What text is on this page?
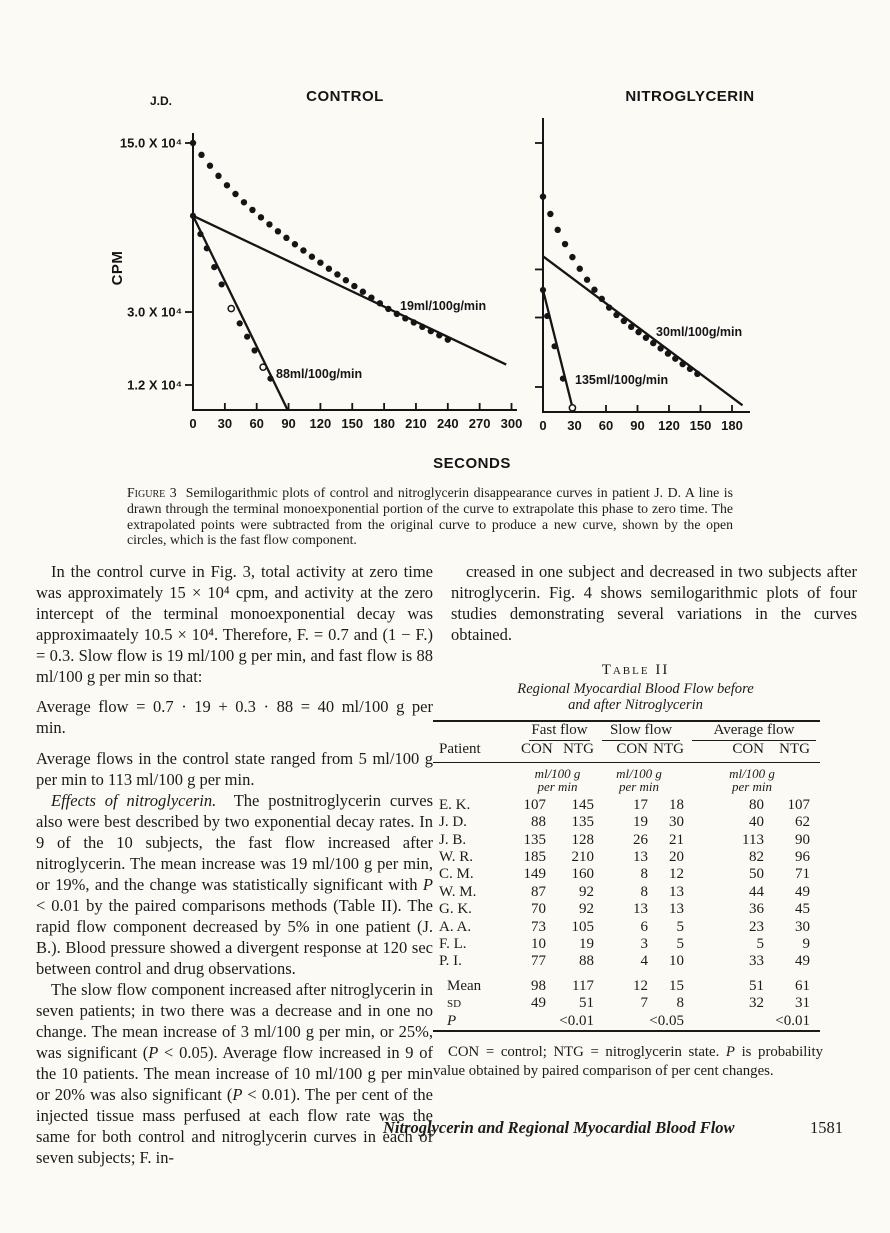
J.D.	CONTROL	NITROGLYCERIN
CPM
SECONDS
0 30 60 90 120 150 180 210 240 270 300
15.0 X 10⁴
3.0 X 10⁴
1.2 X 10⁴
0 30 60 90 120 150 180
19ml/100g/min
88ml/100g/min
30ml/100g/min
135ml/100g/min
Figure 3  Semilogarithmic plots of control and nitroglycerin disappearance curves in patient J. D. A line is drawn through the terminal monoexponential portion of the curve to extrapolate this phase to zero time. The extrapolated points were subtracted from the original curve to produce a new curve, shown by the open circles, which is the fast flow component.

In the control curve in Fig. 3, total activity at zero time was approximately 15 × 10⁴ cpm, and activity at the zero intercept of the terminal monoexponential decay was approximaately 10.5 × 10⁴. Therefore, F. = 0.7 and (1 − F.) = 0.3. Slow flow is 19 ml/100 g per min, and fast flow is 88 ml/100 g per min so that:

Average flow = 0.7 · 19 + 0.3 · 88 = 40 ml/100 g per min.

Average flows in the control state ranged from 5 ml/100 g per min to 113 ml/100 g per min.

Effects of nitroglycerin.  The postnitroglycerin curves also were best described by two exponential decay rates. In 9 of the 10 subjects, the fast flow increased after nitroglycerin. The mean increase was 19 ml/100 g per min, or 19%, and the change was statistically significant with P < 0.01 by the paired comparisons methods (Table II). The rapid flow component decreased by 5% in one patient (J. B.). Blood pressure showed a divergent response at 120 sec between control and drug observations.

The slow flow component increased after nitroglycerin in seven patients; in two there was a decrease and in one no change. The mean increase of 3 ml/100 g per min, or 25%, was significant (P < 0.05). Average flow increased in 9 of the 10 patients. The mean increase of 10 ml/100 g per min or 20% was also significant (P < 0.01). The per cent of the injected tissue mass perfused at each flow rate was the same for both control and nitroglycerin curves in each of seven subjects; F. in-

creased in one subject and decreased in two subjects after nitroglycerin. Fig. 4 shows semilogarithmic plots of four studies demonstrating several variations in the curves obtained.

Table II

Regional Myocardial Blood Flow before

and after Nitroglycerin

	Fast flow		Slow flow		Average flow	

Patient	CON	NTG	CON	NTG	CON	NTG

ml/100 g
per min

ml/100 g
per min

ml/100 g
per min

E. K.	107	145	17	18	80	107
J. D.	88	135	19	30	40	62
J. B.	135	128	26	21	113	90
W. R.	185	210	13	20	82	96
C. M.	149	160	8	12	50	71
W. M.	87	92	8	13	44	49
G. K.	70	92	13	13	36	45
A. A.	73	105	6	5	23	30
F. L.	10	19	3	5	5	9
P. I.	77	88	4	10	33	49

Mean	98	117	12	15	51	61
sd	49	51	7	8	32	31
P		<0.01		<0.05		<0.01

CON = control; NTG = nitroglycerin state. P is probability value obtained by paired comparison of per cent changes.

Nitroglycerin and Regional Myocardial Blood Flow	1581
